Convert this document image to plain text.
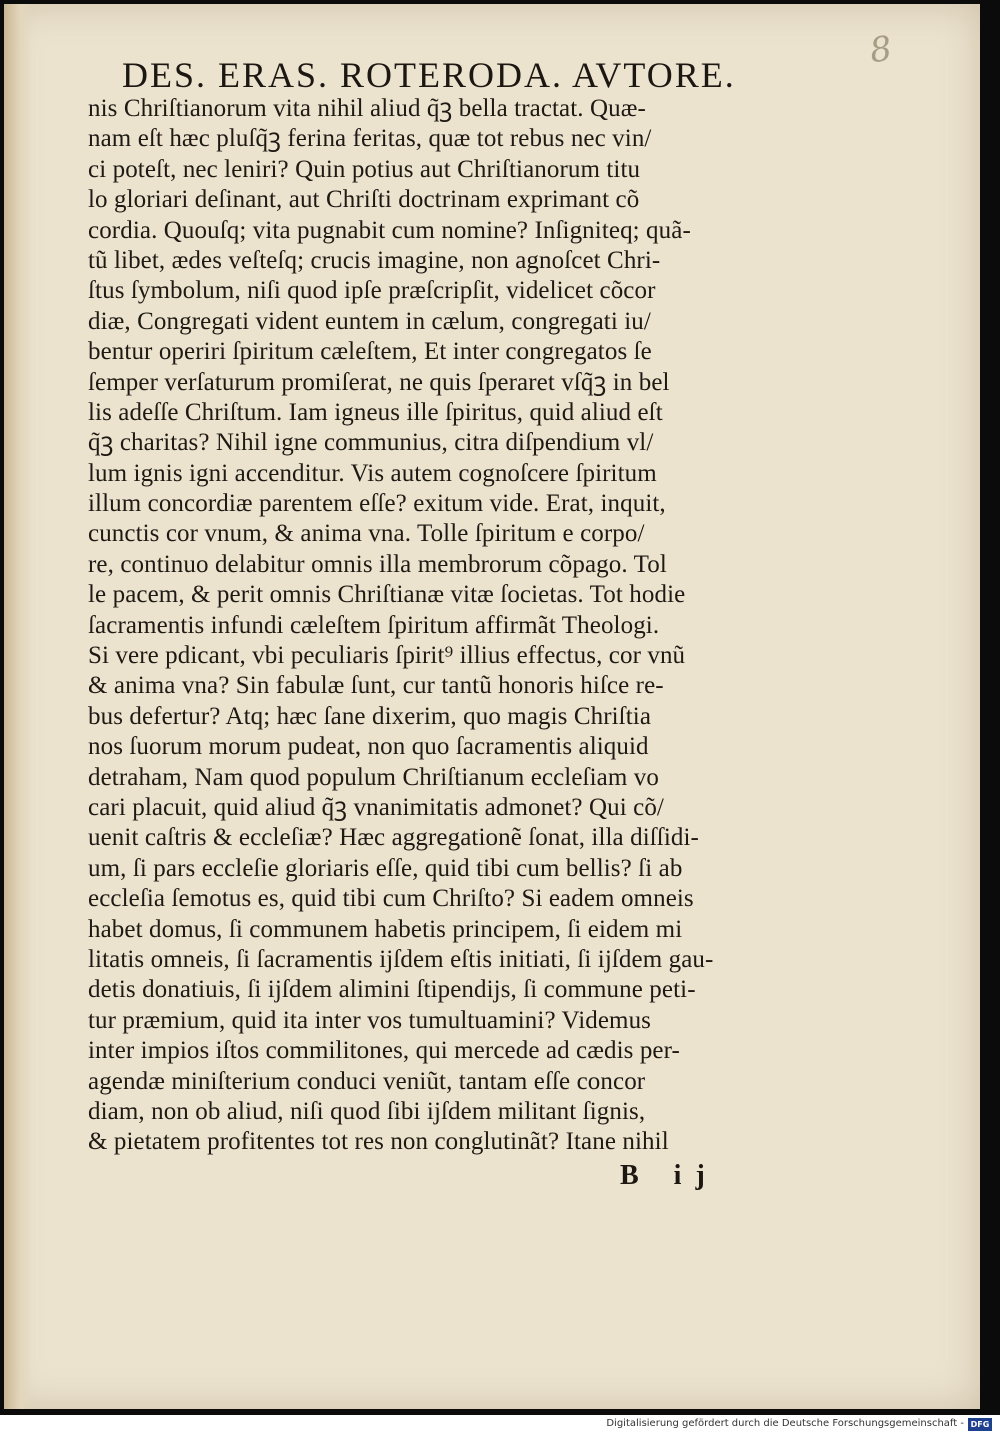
8
DES. ERAS. ROTERODA. AVTORE.
nis Chriſtianorum vita nihil aliud q̃ꝫ bella tractat. Quæ-
nam eſt hæc pluſq̃ꝫ ferina feritas, quæ tot rebus nec vin/
ci poteſt, nec leniri? Quin potius aut Chriſtianorum titu
lo gloriari deſinant, aut Chriſti doctrinam exprimant cõ
cordia. Quouſq; vita pugnabit cum nomine? Inſigniteq; quã-
tũ libet, ædes veſteſq; crucis imagine, non agnoſcet Chri-
ſtus ſymbolum, niſi quod ipſe præſcripſit, videlicet cõcor
diæ, Congregati vident euntem in cælum, congregati iu/
bentur operiri ſpiritum cæleſtem, Et inter congregatos ſe
ſemper verſaturum promiſerat, ne quis ſperaret vſq̃ꝫ in bel
lis adeſſe Chriſtum. Iam igneus ille ſpiritus, quid aliud eſt
q̃ꝫ charitas? Nihil igne communius, citra diſpendium vl/
lum ignis igni accenditur. Vis autem cognoſcere ſpiritum
illum concordiæ parentem eſſe? exitum vide. Erat, inquit,
cunctis cor vnum, & anima vna. Tolle ſpiritum e corpo/
re, continuo delabitur omnis illa membrorum cõpago. Tol
le pacem, & perit omnis Chriſtianæ vitæ ſocietas. Tot hodie
ſacramentis infundi cæleſtem ſpiritum affirmãt Theologi.
Si vere pdicant, vbi peculiaris ſpirit⁹ illius effectus, cor vnũ
& anima vna? Sin fabulæ ſunt, cur tantũ honoris hiſce re-
bus defertur? Atq; hæc ſane dixerim, quo magis Chriſtia
nos ſuorum morum pudeat, non quo ſacramentis aliquid
detraham, Nam quod populum Chriſtianum eccleſiam vo
cari placuit, quid aliud q̃ꝫ vnanimitatis admonet? Qui cõ/
uenit caſtris & eccleſiæ? Hæc aggregationẽ ſonat, illa diſſidi-
um, ſi pars eccleſie gloriaris eſſe, quid tibi cum bellis? ſi ab
eccleſia ſemotus es, quid tibi cum Chriſto? Si eadem omneis
habet domus, ſi communem habetis principem, ſi eidem mi
litatis omneis, ſi ſacramentis ijſdem eſtis initiati, ſi ijſdem gau-
detis donatiuis, ſi ijſdem alimini ſtipendijs, ſi commune peti-
tur præmium, quid ita inter vos tumultuamini? Videmus
inter impios iſtos commilitones, qui mercede ad cædis per-
agendæ miniſterium conduci veniũt, tantam eſſe concor
diam, non ob aliud, niſi quod ſibi ijſdem militant ſignis,
& pietatem profitentes tot res non conglutinãt? Itane nihil
B ij
Digitalisierung gefördert durch die Deutsche Forschungsgemeinschaft - DFG
